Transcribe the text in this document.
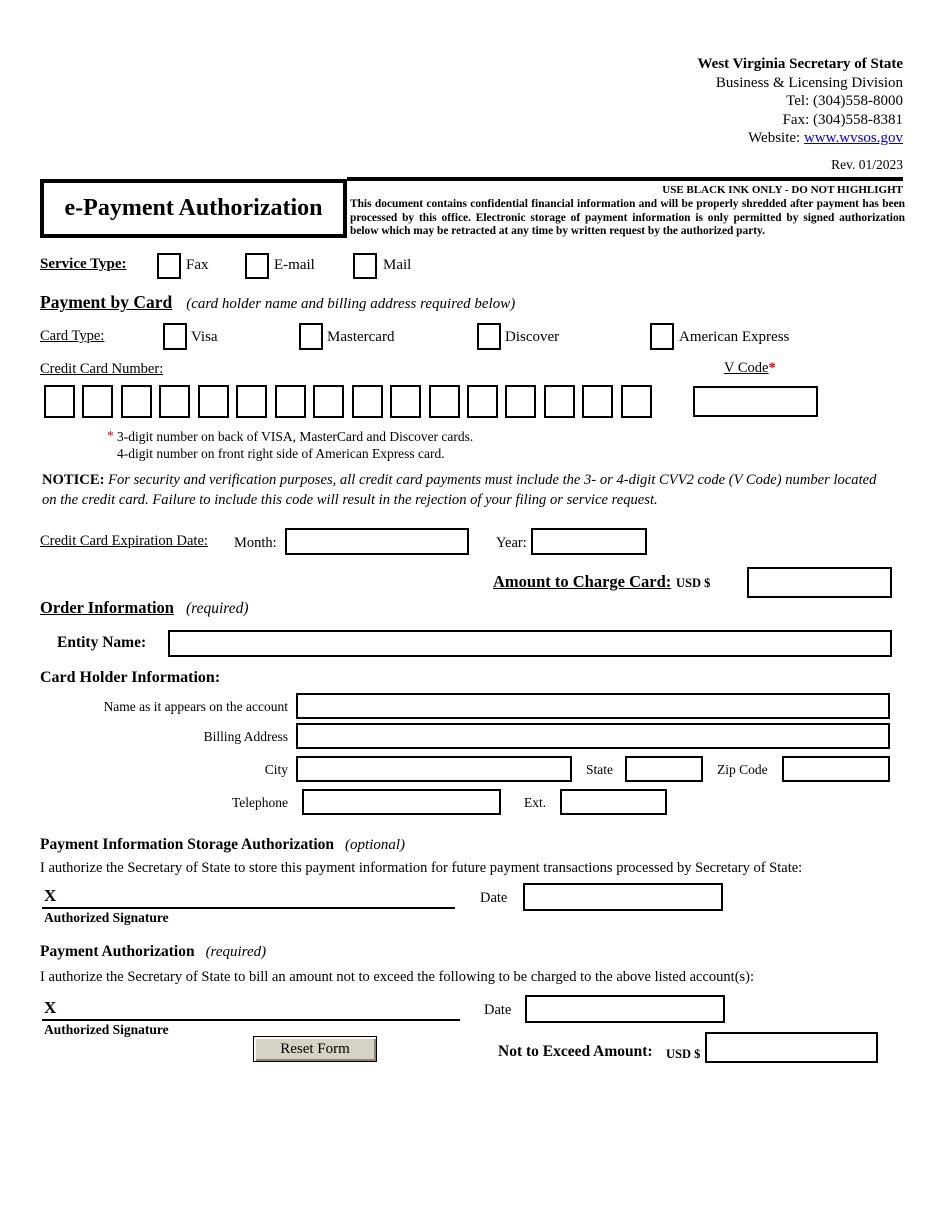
West Virginia Secretary of State
Business & Licensing Division
Tel: (304)558-8000
Fax: (304)558-8381
Website: www.wvsos.gov
Rev. 01/2023
e-Payment Authorization
USE BLACK INK ONLY - DO NOT HIGHLIGHT
This document contains confidential financial information and will be properly shredded after payment has been processed by this office. Electronic storage of payment information is only permitted by signed authorization below which may be retracted at any time by written request by the authorized party.
Service Type:	Fax	E-mail	Mail
Payment by Card (card holder name and billing address required below)
Card Type:	Visa	Mastercard	Discover	American Express
Credit Card Number:	V Code*
* 3-digit number on back of VISA, MasterCard and Discover cards.
4-digit number on front right side of American Express card.
NOTICE: For security and verification purposes, all credit card payments must include the 3- or 4-digit CVV2 code (V Code) number located on the credit card. Failure to include this code will result in the rejection of your filing or service request.
Credit Card Expiration Date: Month:	Year:
Amount to Charge Card: USD $
Order Information (required)
Entity Name:
Card Holder Information:
Name as it appears on the account
Billing Address
City	State	Zip Code
Telephone	Ext.
Payment Information Storage Authorization (optional)
I authorize the Secretary of State to store this payment information for future payment transactions processed by Secretary of State:
X	Date
Authorized Signature
Payment Authorization (required)
I authorize the Secretary of State to bill an amount not to exceed the following to be charged to the above listed account(s):
X	Date
Authorized Signature
Reset Form	Not to Exceed Amount: USD $
